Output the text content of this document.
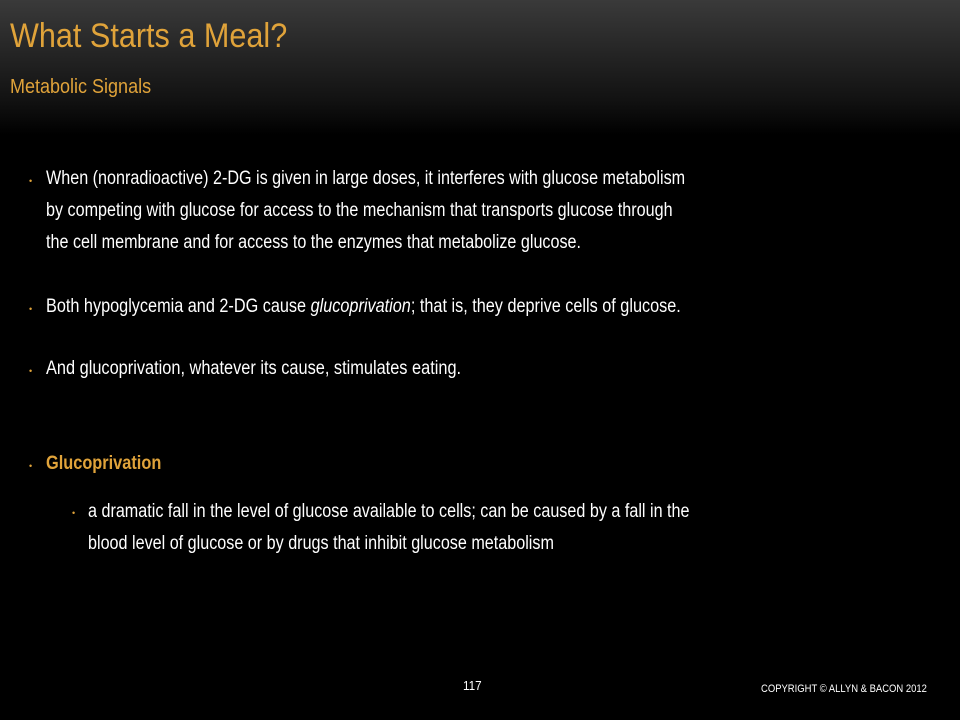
What Starts a Meal?
Metabolic Signals
• When (nonradioactive) 2-DG is given in large doses, it interferes with glucose metabolism
by competing with glucose for access to the mechanism that transports glucose through
the cell membrane and for access to the enzymes that metabolize glucose.
• Both hypoglycemia and 2-DG cause glucoprivation; that is, they deprive cells of glucose.
• And glucoprivation, whatever its cause, stimulates eating.
• Glucoprivation
• a dramatic fall in the level of glucose available to cells; can be caused by a fall in the
blood level of glucose or by drugs that inhibit glucose metabolism
117	COPYRIGHT © ALLYN & BACON 2012
